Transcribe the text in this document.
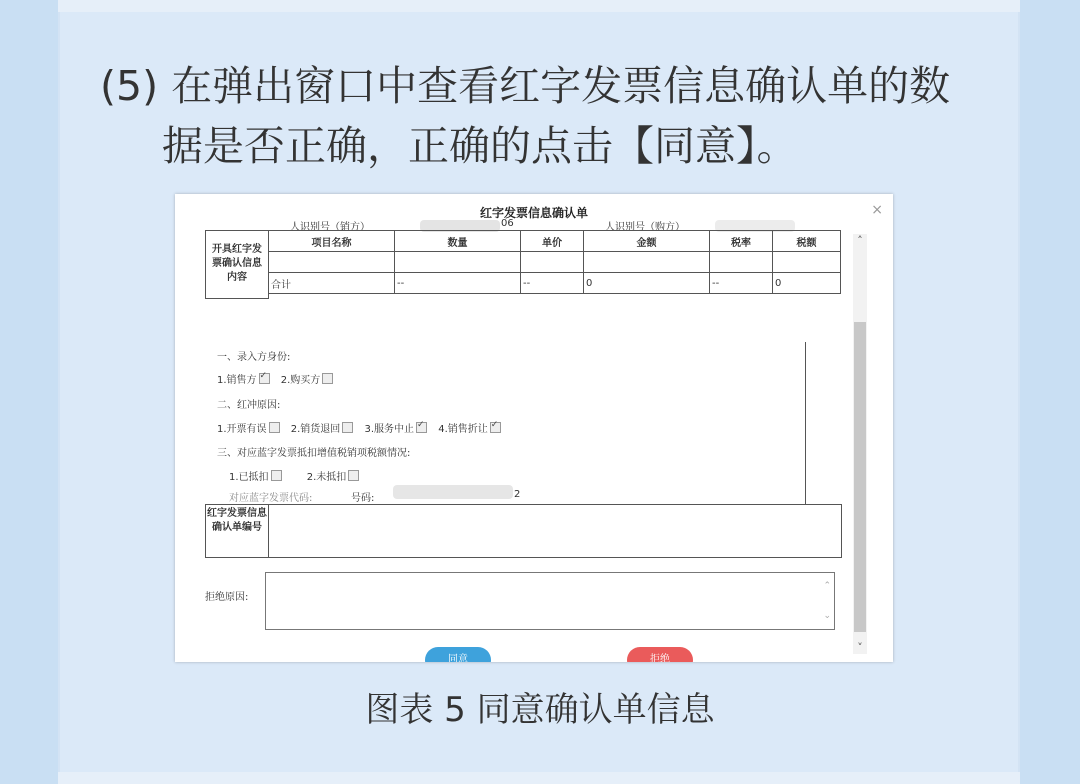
(5) 在弹出窗口中查看红字发票信息确认单的数
据是否正确，正确的点击【同意】。
红字发票信息确认单	×
人识别号（销方）	06	人识别号（购方）
开具红字发票确认信息内容	项目名称	数量	单价	金额	税率	税额

	合计	--	--	0	--	0

一、录入方身份:
1.销售方 ✓ 2.购买方
二、红冲原因:
1.开票有误 2.销货退回 3.服务中止 ✓ 4.销售折让✓
三、对应蓝字发票抵扣增值税销项税额情况:
1.已抵扣	2.未抵扣
对应蓝字发票代码:	号码:	2
红字发票信息确认单编号
拒绝原因:
⌃
⌄
同意	拒绝
˄
˅
图表 5 同意确认单信息
